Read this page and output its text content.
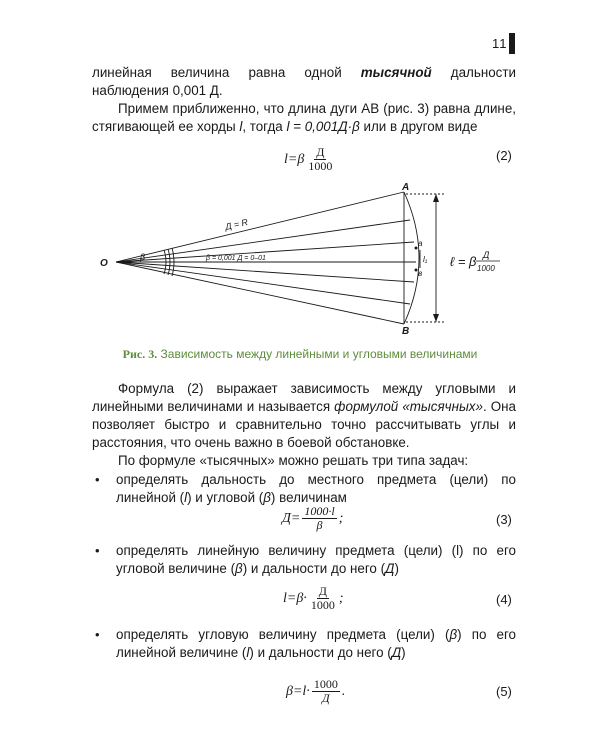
11
линейная величина равна одной тысячной дальности наблюдения 0,001 Д.
Примем приближенно, что длина дуги АВ (рис. 3) равна длине, стягивающей ее хорды l, тогда l = 0,001Д·β или в другом виде
$l=\beta \frac{Д}{1000}$	(2)
O
A
B
a
в
l₁
β
Д = R
β = 0,001 Д = 0–01	ℓ = β Д
1000
Рис. 3. Зависимость между линейными и угловыми величинами
Формула (2) выражает зависимость между угловыми и линейными величинами и называется формулой «тысячных». Она позволяет быстро и сравнительно точно рассчитывать углы и расстояния, что очень важно в боевой обстановке.
По формуле «тысячных» можно решать три типа задач:
• определять дальность до местного предмета (цели) по линейной (l) и угловой (β) величинам
$Д= \frac{1000\cdot l}{\beta}$ ;	(3)
• определять линейную величину предмета (цели) (l) по его угловой величине (β) и дальности до него (Д)
$l=\beta\cdot \frac{Д}{1000}$ ;	(4)
• определять угловую величину предмета (цели) (β) по его линейной величине (l) и дальности до него (Д)
$\beta=l\cdot \frac{1000}{Д}$ .	(5)
